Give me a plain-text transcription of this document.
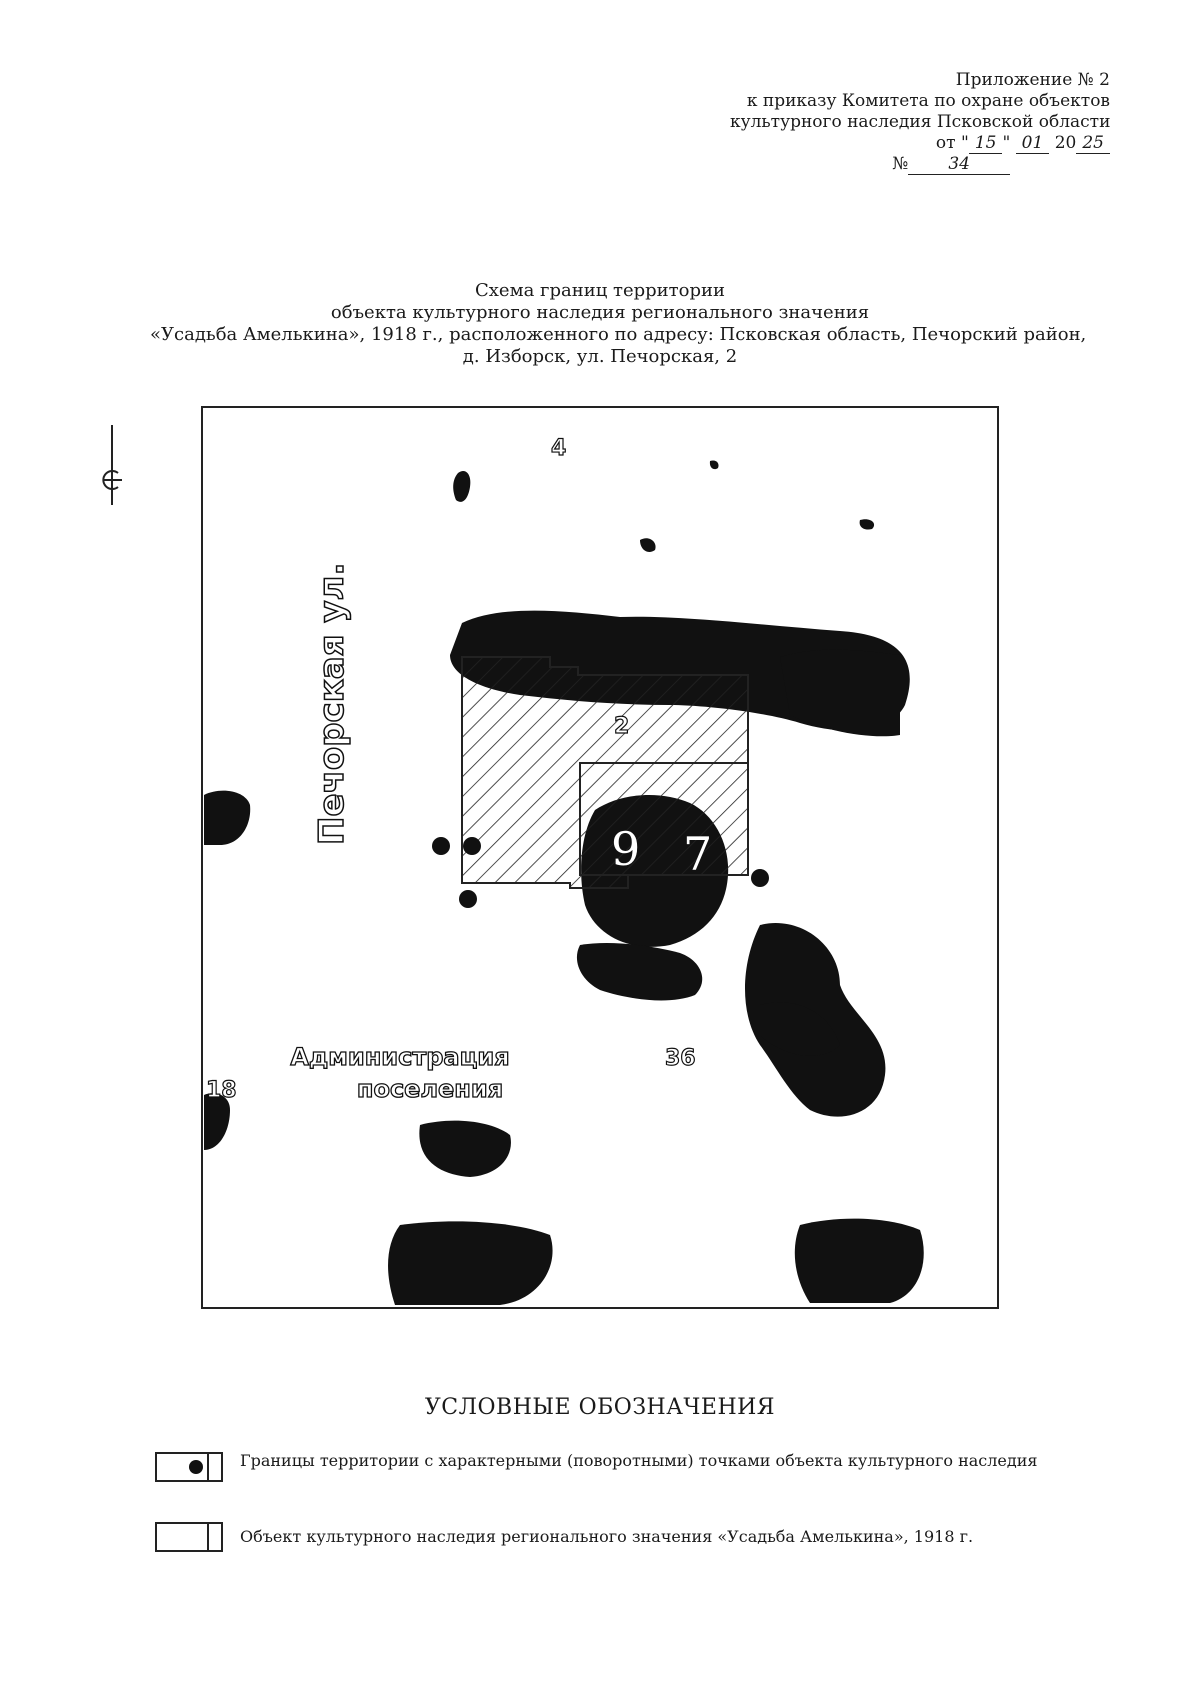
Приложение № 2
к приказу Комитета по охране объектов
культурного наследия Псковской области
от " 15 " 01 20 25
№ 34
Схема границ территории
объекта культурного наследия регионального значения
«Усадьба Амелькина», 1918 г., расположенного по адресу: Псковская область, Печорский район,
д. Изборск, ул. Печорская, 2
Печорская ул.
Администрация
поселения
4
2
9 7
6
36
18
УСЛОВНЫЕ ОБОЗНАЧЕНИЯ
Границы территории с характерными (поворотными) точками объекта культурного наследия
Объект культурного наследия регионального значения «Усадьба Амелькина», 1918 г.
